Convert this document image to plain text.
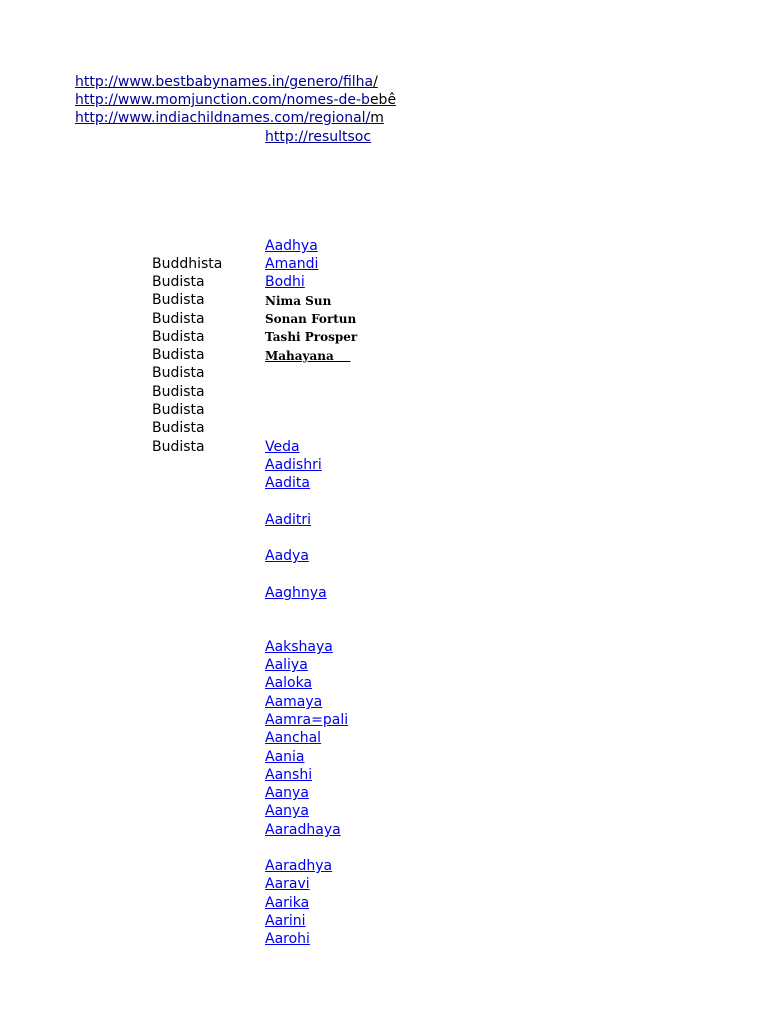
http://www.bestbabynames.in/genero/filha/
http://www.momjunction.com/nomes-de-bebê
http://www.indiachildnames.com/regional/m
http://resultsoc
Buddhista
Budista
Budista
Budista
Budista
Budista
Budista
Budista
Budista
Budista
Budista
Aadhya
Amandi
Bodhi
Nima Sun
Sonan Fortun
Tashi Prosper
Mahayana
Veda
Aadishri
Aadita
Aaditri
Aadya
Aaghnya
Aakshaya
Aaliya
Aaloka
Aamaya
Aamra=pali
Aanchal
Aania
Aanshi
Aanya
Aanya
Aaradhaya
Aaradhya
Aaravi
Aarika
Aarini
Aarohi
